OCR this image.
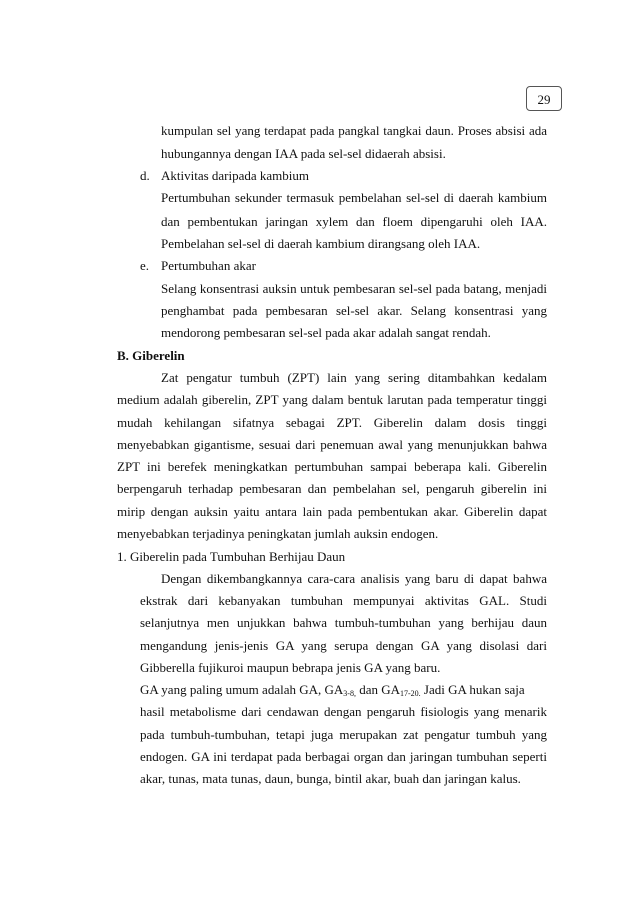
29
kumpulan sel yang terdapat pada pangkal tangkai daun. Proses absisi ada
hubungannya dengan IAA pada sel-sel didaerah absisi.
d. Aktivitas daripada kambium
Pertumbuhan sekunder termasuk pembelahan sel-sel di daerah kambium
dan pembentukan jaringan xylem dan floem dipengaruhi oleh IAA.
Pembelahan sel-sel di daerah kambium dirangsang oleh IAA.
e. Pertumbuhan akar
Selang konsentrasi auksin untuk pembesaran sel-sel pada batang, menjadi
penghambat pada pembesaran sel-sel akar. Selang konsentrasi yang
mendorong pembesaran sel-sel pada akar adalah sangat rendah.
B. Giberelin
Zat pengatur tumbuh (ZPT) lain yang sering ditambahkan kedalam
medium adalah giberelin, ZPT yang dalam bentuk larutan pada temperatur tinggi
mudah kehilangan sifatnya sebagai ZPT. Giberelin dalam dosis tinggi
menyebabkan gigantisme, sesuai dari penemuan awal yang menunjukkan bahwa
ZPT ini berefek meningkatkan pertumbuhan sampai beberapa kali. Giberelin
berpengaruh terhadap pembesaran dan pembelahan sel, pengaruh giberelin ini
mirip dengan auksin yaitu antara lain pada pembentukan akar. Giberelin dapat
menyebabkan terjadinya peningkatan jumlah auksin endogen.
1. Giberelin pada Tumbuhan Berhijau Daun
Dengan dikembangkannya cara-cara analisis yang baru di dapat bahwa
ekstrak dari kebanyakan tumbuhan mempunyai aktivitas GAL. Studi
selanjutnya men unjukkan bahwa tumbuh-tumbuhan yang berhijau daun
mengandung jenis-jenis GA yang serupa dengan GA yang disolasi dari
Gibberella fujikuroi maupun bebrapa jenis GA yang baru.
GA yang paling umum adalah GA, $GA_{3-8,}$ dan $GA_{17-20.}$ Jadi GA hukan saja
hasil metabolisme dari cendawan dengan pengaruh fisiologis yang menarik
pada tumbuh-tumbuhan, tetapi juga merupakan zat pengatur tumbuh yang
endogen. GA ini terdapat pada berbagai organ dan jaringan tumbuhan seperti
akar, tunas, mata tunas, daun, bunga, bintil akar, buah dan jaringan kalus.
